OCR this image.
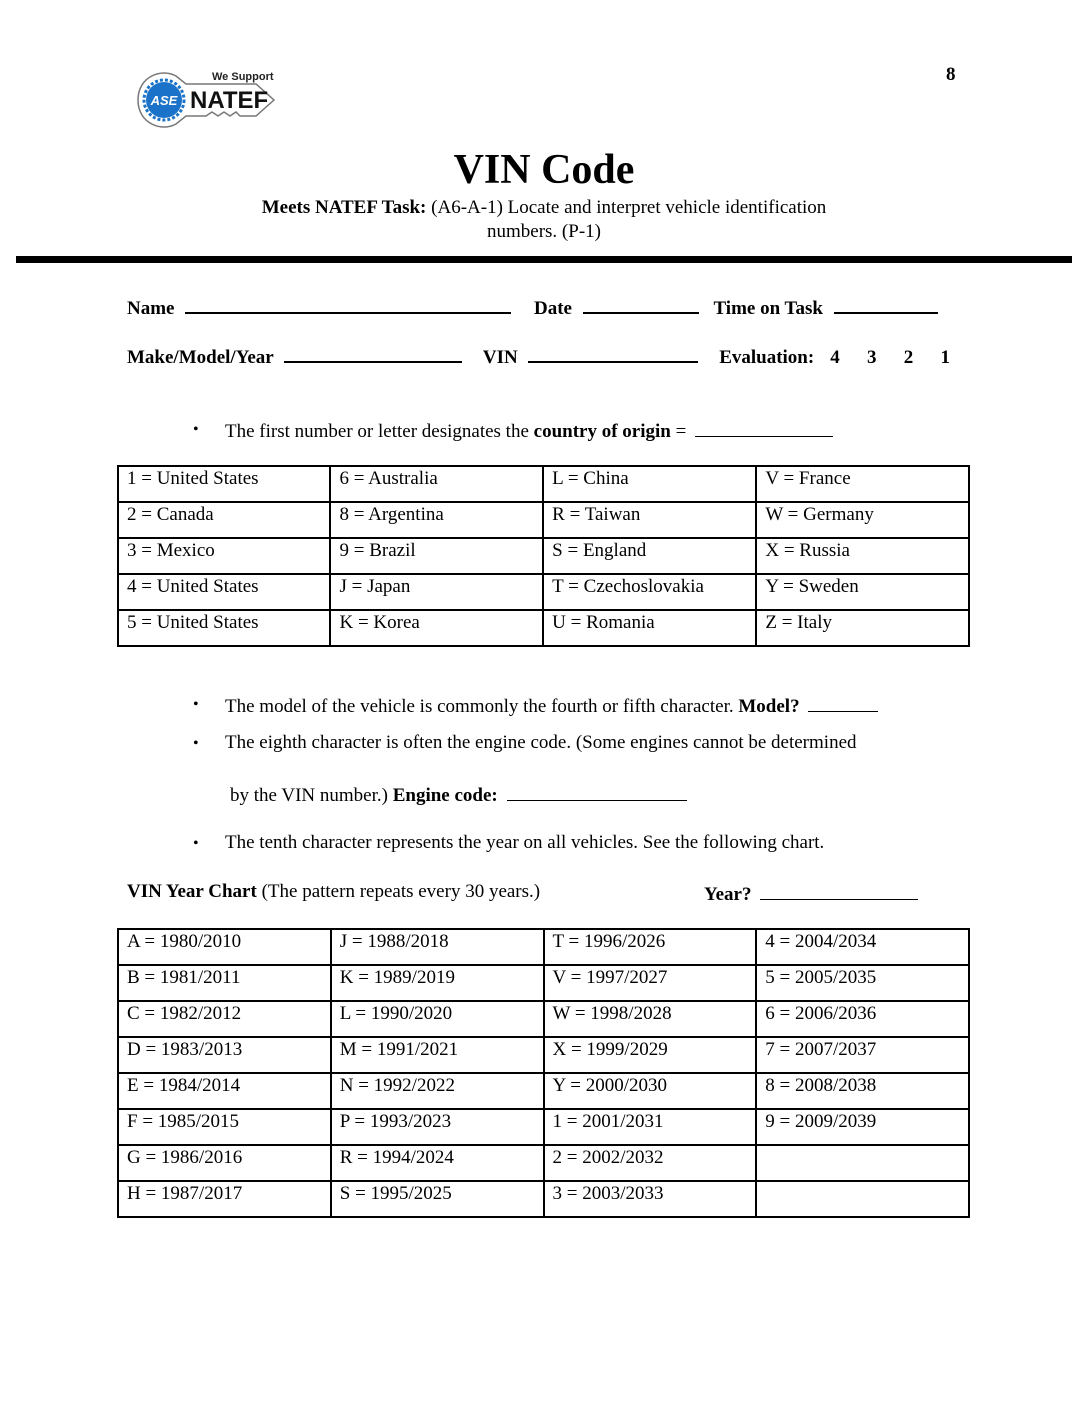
8
ASE
We Support
NATEF
VIN Code
Meets NATEF Task: (A6-A-1) Locate and interpret vehicle identification
numbers. (P-1)
Name	Date	Time on Task
Make/Model/Year	VIN	Evaluation: 4 3 2 1
• The first number or letter designates the country of origin =
1 = United States	6 = Australia	L = China	V = France
2 = Canada	8 = Argentina	R = Taiwan	W = Germany
3 = Mexico	9 = Brazil	S = England	X = Russia
4 = United States	J = Japan	T = Czechoslovakia	Y = Sweden
5 = United States	K = Korea	U = Romania	Z = Italy
• The model of the vehicle is commonly the fourth or fifth character. Model?
• The eighth character is often the engine code. (Some engines cannot be determined
by the VIN number.) Engine code:
• The tenth character represents the year on all vehicles. See the following chart.
VIN Year Chart (The pattern repeats every 30 years.)	Year?
A = 1980/2010	J = 1988/2018	T = 1996/2026	4 = 2004/2034
B = 1981/2011	K = 1989/2019	V = 1997/2027	5 = 2005/2035
C = 1982/2012	L = 1990/2020	W = 1998/2028	6 = 2006/2036
D = 1983/2013	M = 1991/2021	X = 1999/2029	7 = 2007/2037
E = 1984/2014	N = 1992/2022	Y = 2000/2030	8 = 2008/2038
F = 1985/2015	P = 1993/2023	1 = 2001/2031	9 = 2009/2039
G = 1986/2016	R = 1994/2024	2 = 2002/2032	
H = 1987/2017	S = 1995/2025	3 = 2003/2033	
